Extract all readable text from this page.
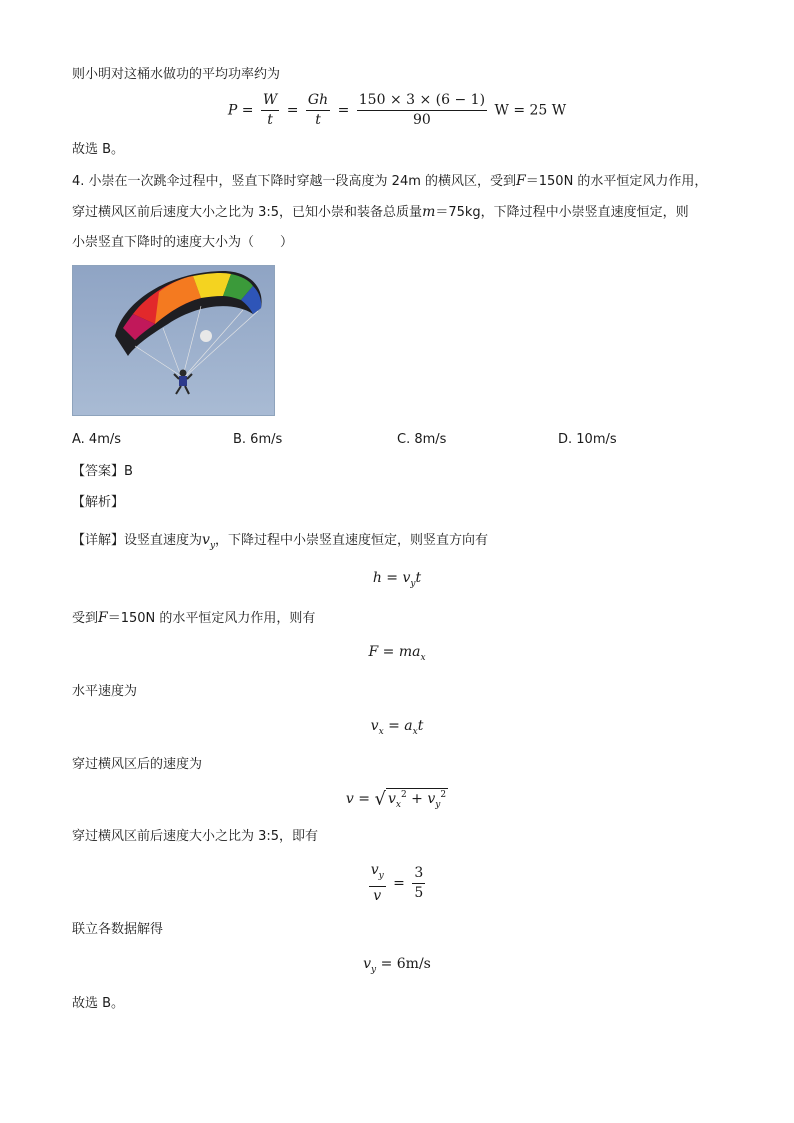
则小明对这桶水做功的平均功率约为
$P = \frac{W}{t} = \frac{Gh}{t} = \frac{150 \times 3 \times (6 - 1)}{90}$ W = 25 W
故选 B。
4. 小崇在一次跳伞过程中，竖直下降时穿越一段高度为 24m 的横风区，受到F＝150N 的水平恒定风力作用，
穿过横风区前后速度大小之比为 3:5，已知小崇和装备总质量m＝75kg，下降过程中小崇竖直速度恒定，则
小崇竖直下降时的速度大小为（　　）
A. 4m/s	B. 6m/s	C. 8m/s	D. 10m/s
【答案】B
【解析】
【详解】设竖直速度为$v_y$，下降过程中小崇竖直速度恒定，则竖直方向有
$h = v_yt$
受到F＝150N 的水平恒定风力作用，则有
$F = ma_x$
水平速度为
$v_x = a_xt$
穿过横风区后的速度为
v = √ $v_x^2 + v_y^2$
穿过横风区前后速度大小之比为 3:5，即有
$\frac{v_y}{v} = \frac{3}{5}$
联立各数据解得
$v_y = 6m/s$
故选 B。
